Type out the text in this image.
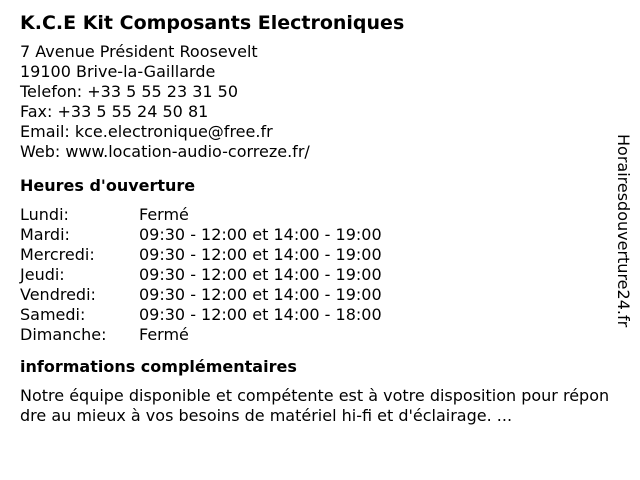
K.C.E Kit Composants Electroniques
7 Avenue Président Roosevelt
19100 Brive-la-Gaillarde
Telefon: +33 5 55 23 31 50
Fax: +33 5 55 24 50 81
Email: kce.electronique@free.fr
Web: www.location-audio-correze.fr/
Heures d'ouverture
Lundi:	Fermé
Mardi:	09:30 - 12:00 et 14:00 - 19:00
Mercredi:	09:30 - 12:00 et 14:00 - 19:00
Jeudi:	09:30 - 12:00 et 14:00 - 19:00
Vendredi:	09:30 - 12:00 et 14:00 - 19:00
Samedi:	09:30 - 12:00 et 14:00 - 18:00
Dimanche:	Fermé
informations complémentaires
Notre équipe disponible et compétente est à votre disposition pour répondre au mieux à vos besoins de matériel hi-fi et d'éclairage. ...
Horairesdouverture24.fr
